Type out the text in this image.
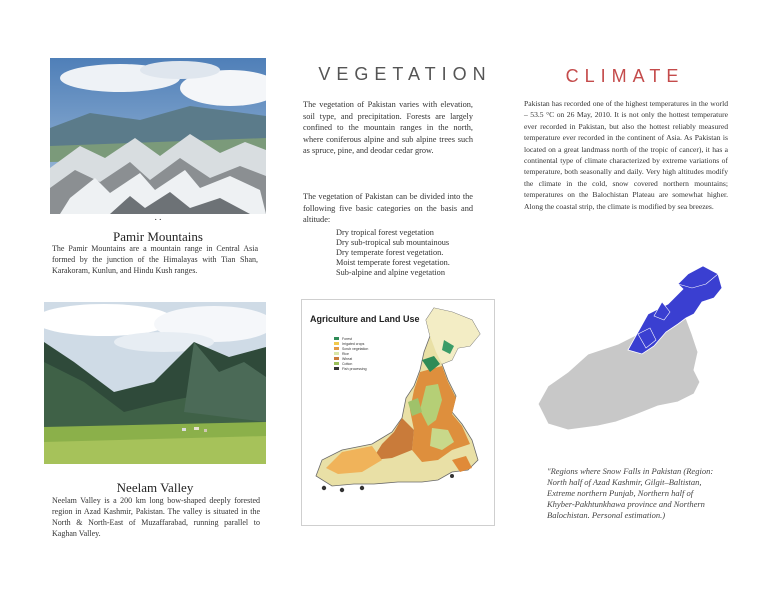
. .
Pamir Mountains
The Pamir Mountains are a mountain range in Central Asia formed by the junction of the Himalayas with Tian Shan, Karakoram, Kunlun, and Hindu Kush ranges.
Neelam Valley
Neelam Valley is a 200 km long bow-shaped deeply forested region in Azad Kashmir, Pakistan. The valley is situated in the North & North-East of Muzaffarabad, running parallel to Kaghan Valley.
VEGETATION
The vegetation of Pakistan varies with elevation, soil type, and precipitation. Forests are largely confined to the mountain ranges in the north, where coniferous alpine and sub alpine trees such as spruce, pine, and deodar cedar grow.
The vegetation of Pakistan can be divided into the following five basic categories on the basis and altitude:
Dry tropical forest vegetation
Dry sub-tropical sub mountainous
Dry temperate forest vegetation.
Moist temperate forest vegetation.
Sub-alpine and alpine vegetation
CLIMATE
Pakistan has recorded one of the highest temperatures in the world – 53.5 °C on 26 May, 2010. It is not only the hottest temperature ever recorded in Pakistan, but also the hottest reliably measured temperature ever recorded in the continent of Asia. As Pakistan is located on a great landmass north of the tropic of cancer), it has a continental type of climate characterized by extreme variations of temperature, both seasonally and daily. Very high altitudes modify the climate in the cold, snow covered northern mountains; temperatures on the Balochistan Plateau are somewhat higher. Along the coastal strip, the climate is modified by sea breezes.
Agriculture and Land Use
Forest
Irrigated crops
Scrub vegetation
Rice
Wheat
Cotton
Fish processing
"Regions where Snow Falls in Pakistan (Region: North half of Azad Kashmir, Gilgit–Baltistan, Extreme northern Punjab, Northern half of Khyber-Pakhtunkhawa province and Northern Balochistan. Personal estimation.)
